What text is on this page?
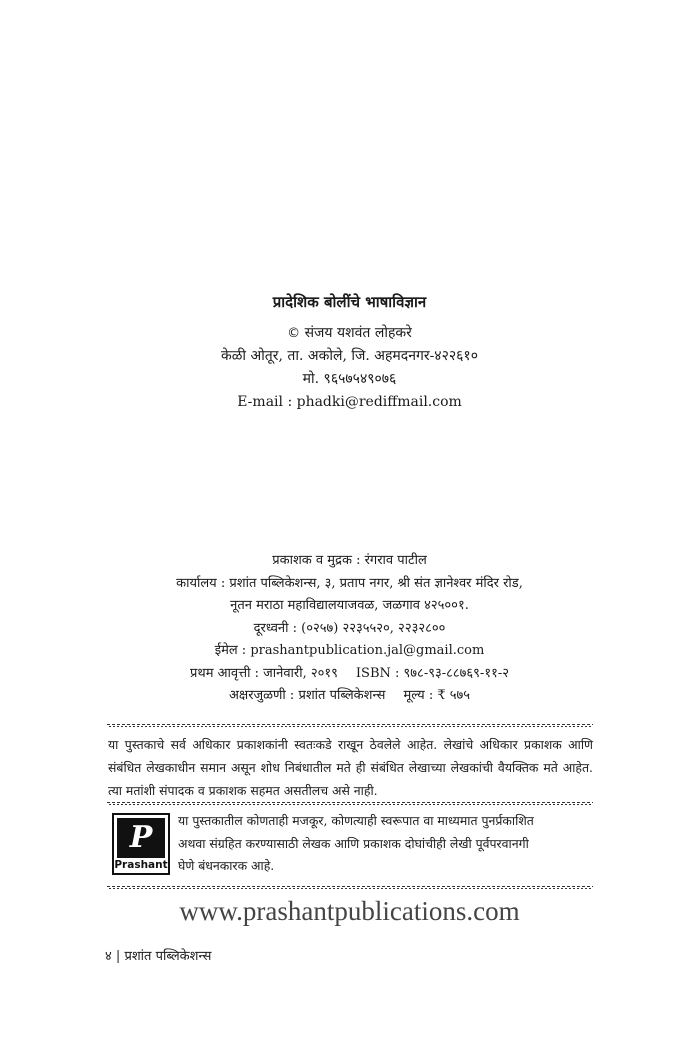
प्रादेशिक बोलींचे भाषाविज्ञान
© संजय यशवंत लोहकरे
केळी ओतूर, ता. अकोले, जि. अहमदनगर-४२२६१०
मो. ९६५७५४९०७६
E-mail : phadki@rediffmail.com
प्रकाशक व मुद्रक : रंगराव पाटील
कार्यालय : प्रशांत पब्लिकेशन्स, ३, प्रताप नगर, श्री संत ज्ञानेश्वर मंदिर रोड,
नूतन मराठा महाविद्यालयाजवळ, जळगाव ४२५००१.
दूरध्वनी : (०२५७) २२३५५२०, २२३२८००
ईमेल : prashantpublication.jal@gmail.com
प्रथम आवृत्ती : जानेवारी, २०१९ ISBN : ९७८-९३-८८७६९-११-२
अक्षरजुळणी : प्रशांत पब्लिकेशन्स मूल्य : ₹ ५७५
या पुस्तकाचे सर्व अधिकार प्रकाशकांनी स्वतःकडे राखून ठेवलेले आहेत. लेखांचे अधिकार प्रकाशक आणि संबंधित लेखकाधीन समान असून शोध निबंधातील मते ही संबंधित लेखाच्या लेखकांची वैयक्तिक मते आहेत. त्या मतांशी संपादक व प्रकाशक सहमत असतीलच असे नाही.
P
Prashant
या पुस्तकातील कोणताही मजकूर, कोणत्याही स्वरूपात वा माध्यमात पुनर्प्रकाशित
अथवा संग्रहित करण्यासाठी लेखक आणि प्रकाशक दोघांचीही लेखी पूर्वपरवानगी
घेणे बंधनकारक आहे.
www.prashantpublications.com
४ | प्रशांत पब्लिकेशन्स
